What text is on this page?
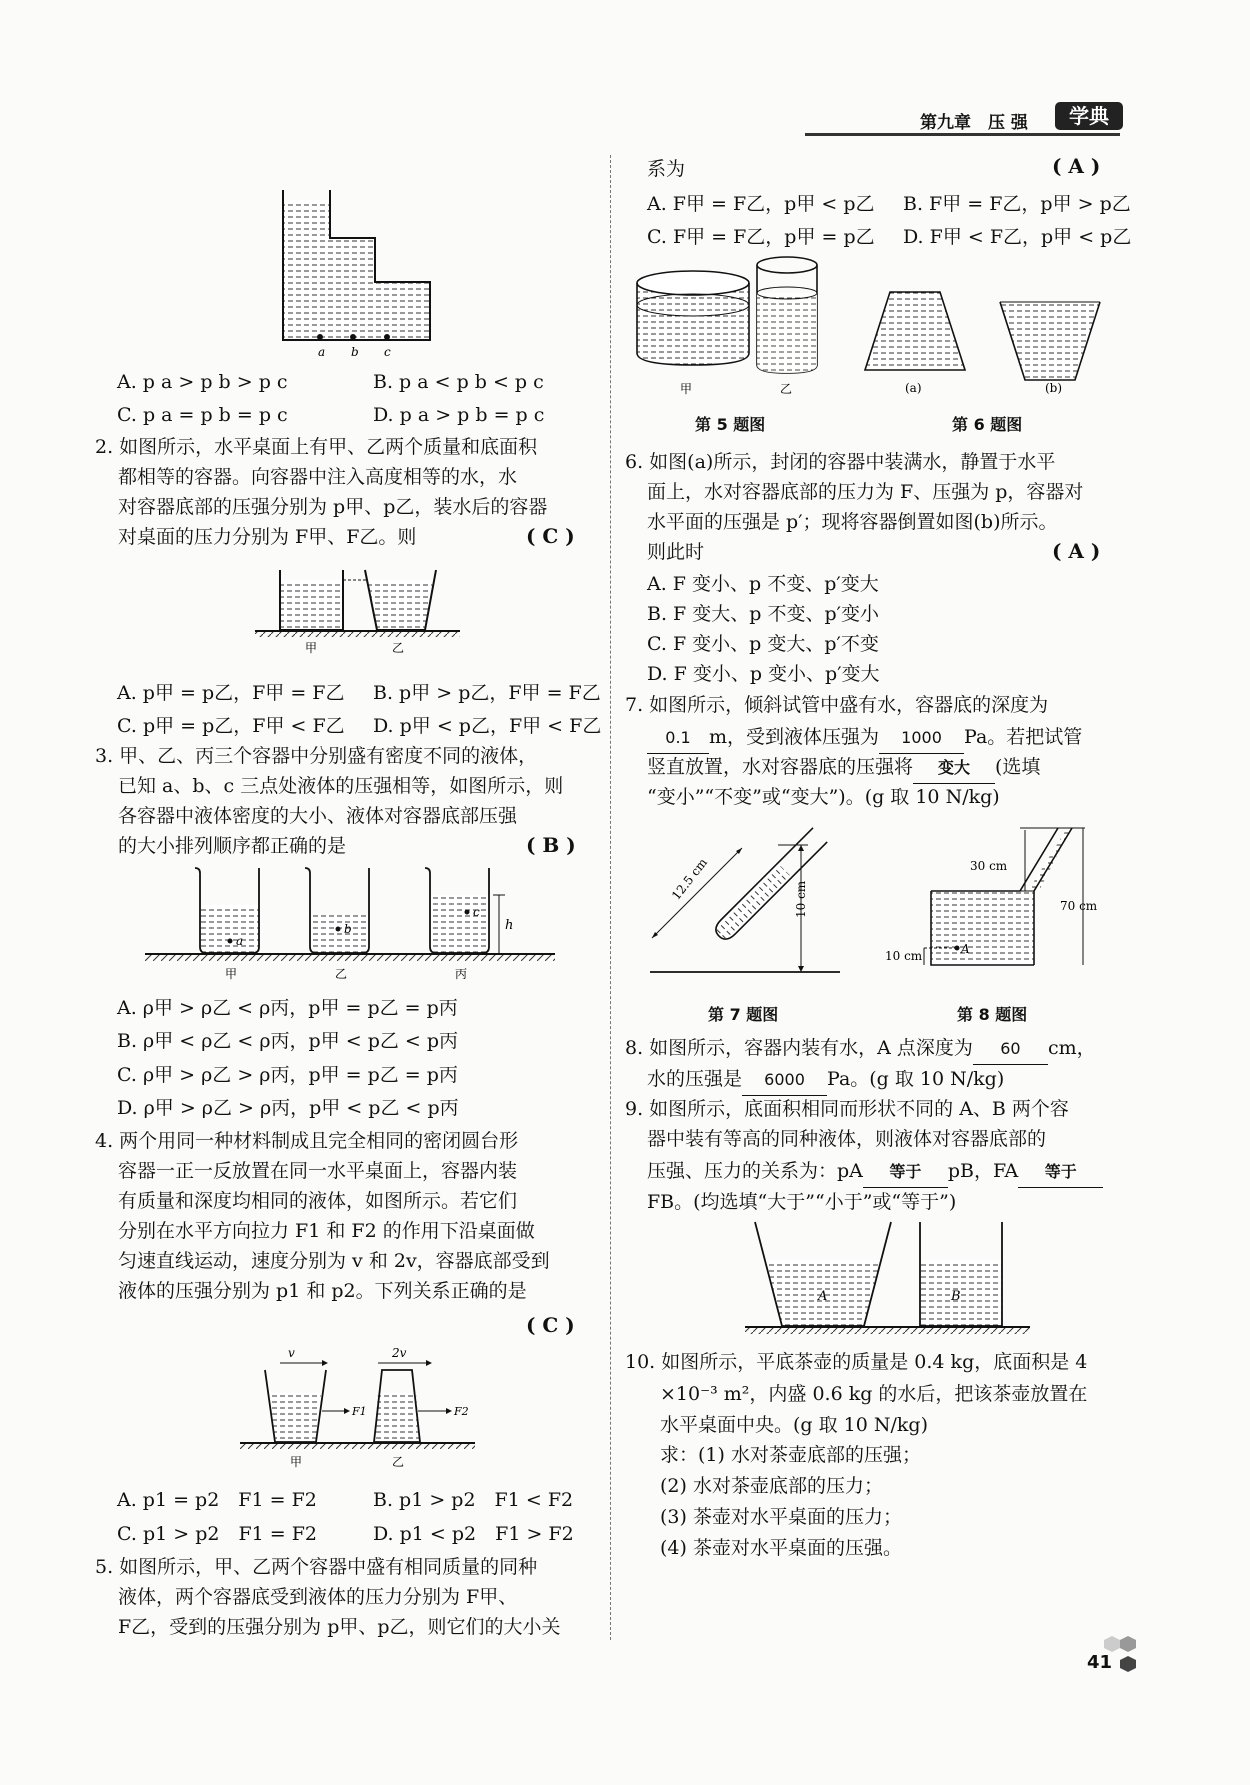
第九章　压 强	学典
a b c
A. p a > p b > p c	B. p a < p b < p c
C. p a = p b = p c	D. p a > p b = p c
2. 如图所示，水平桌面上有甲、乙两个质量和底面积
都相等的容器。向容器中注入高度相等的水，水
对容器底部的压强分别为 p甲、p乙，装水后的容器
对桌面的压力分别为 F甲、F乙。则	( C )
甲	乙
A. p甲 = p乙，F甲 = F乙 B. p甲 > p乙，F甲 = F乙
C. p甲 = p乙，F甲 < F乙 D. p甲 < p乙，F甲 < F乙
3. 甲、乙、丙三个容器中分别盛有密度不同的液体，
已知 a、b、c 三点处液体的压强相等，如图所示，则
各容器中液体密度的大小、液体对容器底部压强
的大小排列顺序都正确的是	( B )
a
b
c
h
甲	乙	丙
A. ρ甲 > ρ乙 < ρ丙，p甲 = p乙 = p丙
B. ρ甲 < ρ乙 < ρ丙，p甲 < p乙 < p丙
C. ρ甲 > ρ乙 > ρ丙，p甲 = p乙 = p丙
D. ρ甲 > ρ乙 > ρ丙，p甲 < p乙 < p丙
4. 两个用同一种材料制成且完全相同的密闭圆台形
容器一正一反放置在同一水平桌面上，容器内装
有质量和深度均相同的液体，如图所示。若它们
分别在水平方向拉力 F1 和 F2 的作用下沿桌面做
匀速直线运动，速度分别为 v 和 2v，容器底部受到
液体的压强分别为 p1 和 p2。下列关系正确的是
( C )
v	2v
F1	F2
甲	乙
A. p1 = p2　F1 = F2	B. p1 > p2　F1 < F2
C. p1 > p2　F1 = F2	D. p1 < p2　F1 > F2
5. 如图所示，甲、乙两个容器中盛有相同质量的同种
液体，两个容器底受到液体的压力分别为 F甲、
F乙，受到的压强分别为 p甲、p乙，则它们的大小关
系为	( A )
A. F甲 = F乙，p甲 < p乙 B. F甲 = F乙，p甲 > p乙
C. F甲 = F乙，p甲 = p乙 D. F甲 < F乙，p甲 < p乙
甲	乙
第 5 题图
(a)	(b)
第 6 题图
6. 如图(a)所示，封闭的容器中装满水，静置于水平
面上，水对容器底部的压力为 F、压强为 p，容器对
水平面的压强是 p′；现将容器倒置如图(b)所示。
则此时	( A )
A. F 变小、p 不变、p′变大
B. F 变大、p 不变、p′变小
C. F 变小、p 变大、p′不变
D. F 变小、p 变小、p′变大
7. 如图所示，倾斜试管中盛有水，容器底的深度为
0.1 m，受到液体压强为 1000 Pa。若把试管
竖直放置，水对容器底的压强将 变大 (选填
“变小”“不变”或“变大”)。(g 取 10 N/kg)
12.5 cm	10 cm
第 7 题图
A
30 cm
70 cm
10 cm
第 8 题图
8. 如图所示，容器内装有水，A 点深度为 60 cm，
水的压强是 6000 Pa。(g 取 10 N/kg)
9. 如图所示，底面积相同而形状不同的 A、B 两个容
器中装有等高的同种液体，则液体对容器底部的
压强、压力的关系为：pA 等于 pB，FA 等于
FB。(均选填“大于”“小于”或“等于”)
A	B
10. 如图所示，平底茶壶的质量是 0.4 kg，底面积是 4
×10⁻³ m²，内盛 0.6 kg 的水后，把该茶壶放置在
水平桌面中央。(g 取 10 N/kg)
求：(1) 水对茶壶底部的压强；
(2) 水对茶壶底部的压力；
(3) 茶壶对水平桌面的压力；
(4) 茶壶对水平桌面的压强。
41
